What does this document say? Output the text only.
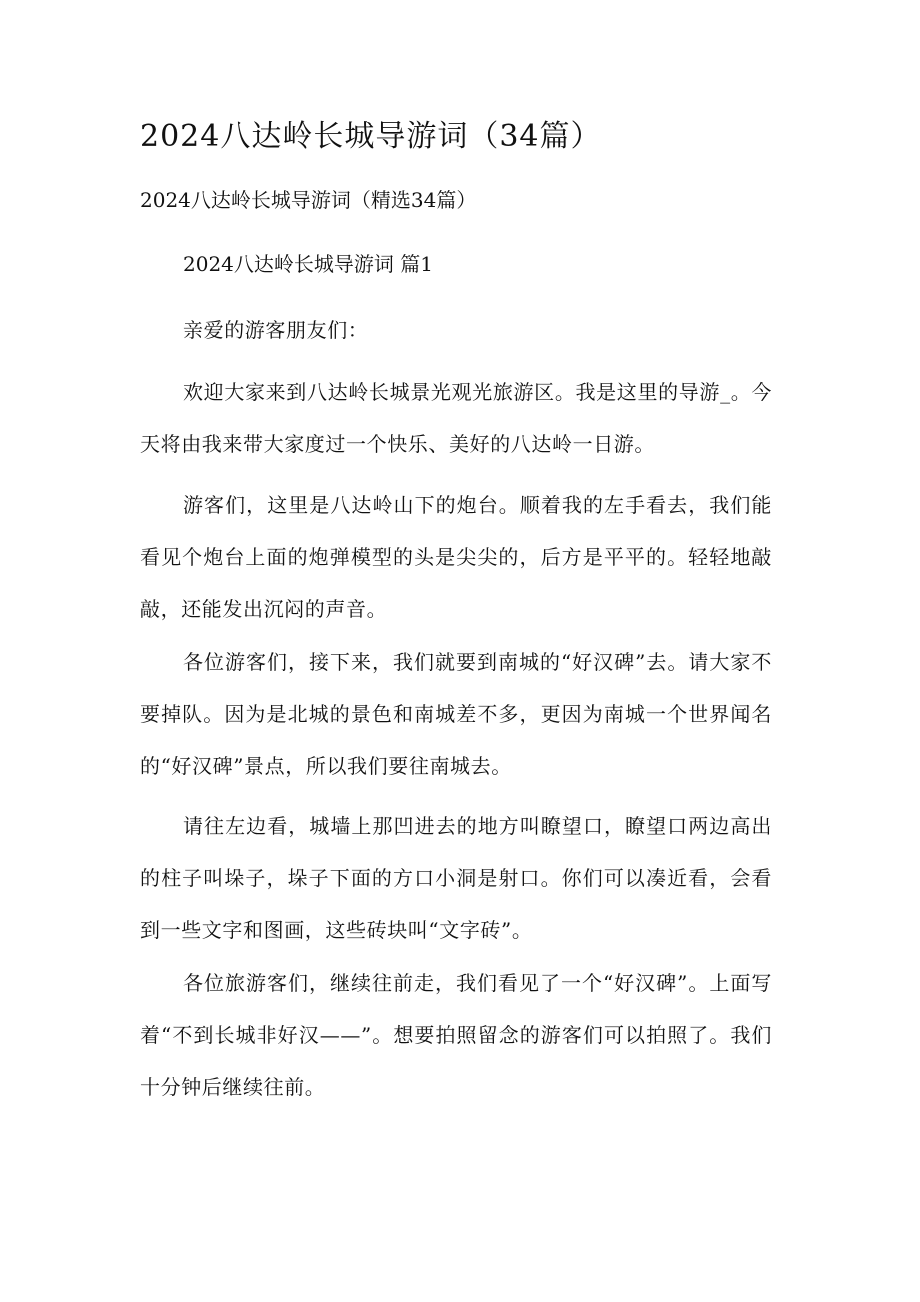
2024八达岭长城导游词（34篇）

2024八达岭长城导游词（精选34篇）

2024八达岭长城导游词 篇1

亲爱的游客朋友们：

欢迎大家来到八达岭长城景光观光旅游区。我是这里的导游_。今天将由我来带大家度过一个快乐、美好的八达岭一日游。

游客们，这里是八达岭山下的炮台。顺着我的左手看去，我们能看见个炮台上面的炮弹模型的头是尖尖的，后方是平平的。轻轻地敲敲，还能发出沉闷的声音。

各位游客们，接下来，我们就要到南城的“好汉碑”去。请大家不要掉队。因为是北城的景色和南城差不多，更因为南城一个世界闻名的“好汉碑”景点，所以我们要往南城去。

请往左边看，城墙上那凹进去的地方叫瞭望口，瞭望口两边高出的柱子叫垛子，垛子下面的方口小洞是射口。你们可以凑近看，会看到一些文字和图画，这些砖块叫“文字砖”。

各位旅游客们，继续往前走，我们看见了一个“好汉碑”。上面写着“不到长城非好汉——”。想要拍照留念的游客们可以拍照了。我们十分钟后继续往前。
